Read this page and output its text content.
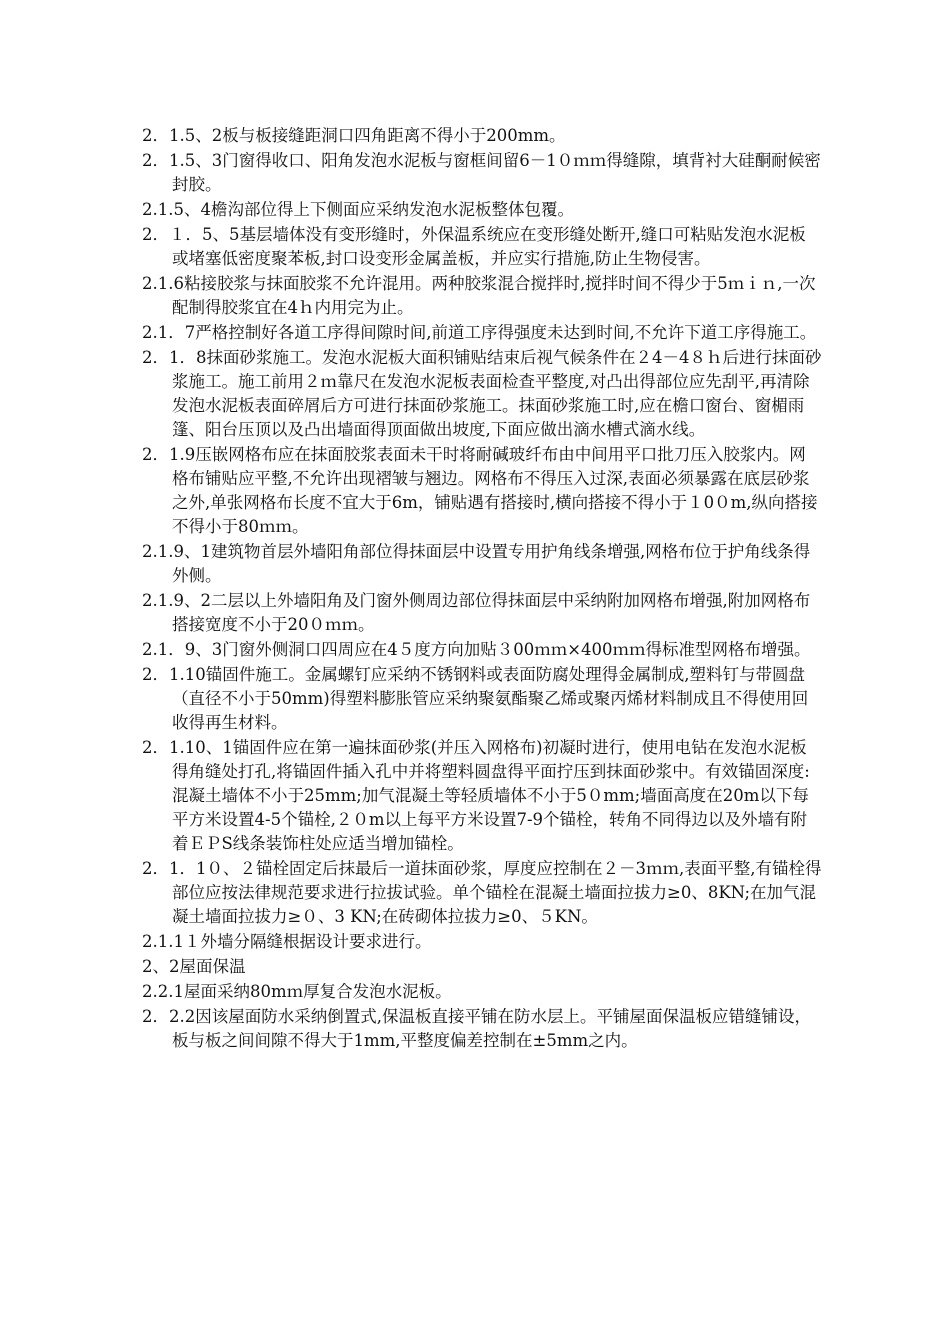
2．1.5、2板与板接缝距洞口四角距离不得小于200mm。

2．1.5、3门窗得收口、阳角发泡水泥板与窗框间留6－1０ｍｍ得缝隙，填背衬大硅酮耐候密封胶。

2.1.5、4檐沟部位得上下侧面应采纳发泡水泥板整体包覆。

2．１．5、5基层墙体没有变形缝时，外保温系统应在变形缝处断开,缝口可粘贴发泡水泥板或堵塞低密度聚苯板,封口设变形金属盖板，并应实行措施,防止生物侵害。

2.1.6粘接胶浆与抹面胶浆不允许混用。两种胶浆混合搅拌时,搅拌时间不得少于5ｍｉｎ,一次配制得胶浆宜在4ｈ内用完为止。

2.1．7严格控制好各道工序得间隙时间,前道工序得强度未达到时间,不允许下道工序得施工。

2．1．8抹面砂浆施工。发泡水泥板大面积铺贴结束后视气候条件在２4－4８ｈ后进行抹面砂浆施工。施工前用２ｍ靠尺在发泡水泥板表面检查平整度,对凸出得部位应先刮平,再清除发泡水泥板表面碎屑后方可进行抹面砂浆施工。抹面砂浆施工时,应在檐口窗台、窗楣雨篷、阳台压顶以及凸出墙面得顶面做出坡度,下面应做出滴水槽式滴水线。

2．1.9压嵌网格布应在抹面胶浆表面未干时将耐碱玻纤布由中间用平口批刀压入胶浆内。网格布铺贴应平整,不允许出现褶皱与翘边。网格布不得压入过深,表面必须暴露在底层砂浆之外,单张网格布长度不宜大于6m，铺贴遇有搭接时,横向搭接不得小于１0０m,纵向搭接不得小于80ｍｍ。

2.1.9、1建筑物首层外墙阳角部位得抹面层中设置专用护角线条增强,网格布位于护角线条得外侧。

2.1.9、2二层以上外墙阳角及门窗外侧周边部位得抹面层中采纳附加网格布增强,附加网格布搭接宽度不小于20０ｍｍ。

2.1．9、3门窗外侧洞口四周应在4５度方向加贴３00ｍｍ×400ｍｍ得标准型网格布增强。

2．1.10锚固件施工。金属螺钉应采纳不锈钢料或表面防腐处理得金属制成,塑料钉与带圆盘（直径不小于50mm)得塑料膨胀管应采纳聚氨酯聚乙烯或聚丙烯材料制成且不得使用回收得再生材料。

2．1.10、1锚固件应在第一遍抹面砂浆(并压入网格布)初凝时进行，使用电钻在发泡水泥板得角缝处打孔,将锚固件插入孔中并将塑料圆盘得平面拧压到抹面砂浆中。有效锚固深度:混凝土墙体不小于25mm;加气混凝土等轻质墙体不小于5０mm;墙面高度在20m以下每平方米设置4-5个锚栓,２０m以上每平方米设置7-9个锚栓，转角不同得边以及外墙有附着ＥＰS线条装饰柱处应适当增加锚栓。

2．1．1０、２锚栓固定后抹最后一道抹面砂浆，厚度应控制在２－3ｍｍ,表面平整,有锚栓得部位应按法律规范要求进行拉拔试验。单个锚栓在混凝土墙面拉拔力≥0、8KN;在加气混凝土墙面拉拔力≥０、3 KN;在砖砌体拉拔力≥0、５KN。

2.1.1１外墙分隔缝根据设计要求进行。

2、2屋面保温

2.2.1屋面采纳80mｍ厚复合发泡水泥板。

2．2.2因该屋面防水采纳倒置式,保温板直接平铺在防水层上。平铺屋面保温板应错缝铺设，板与板之间间隙不得大于1mm,平整度偏差控制在±5mm之内。
